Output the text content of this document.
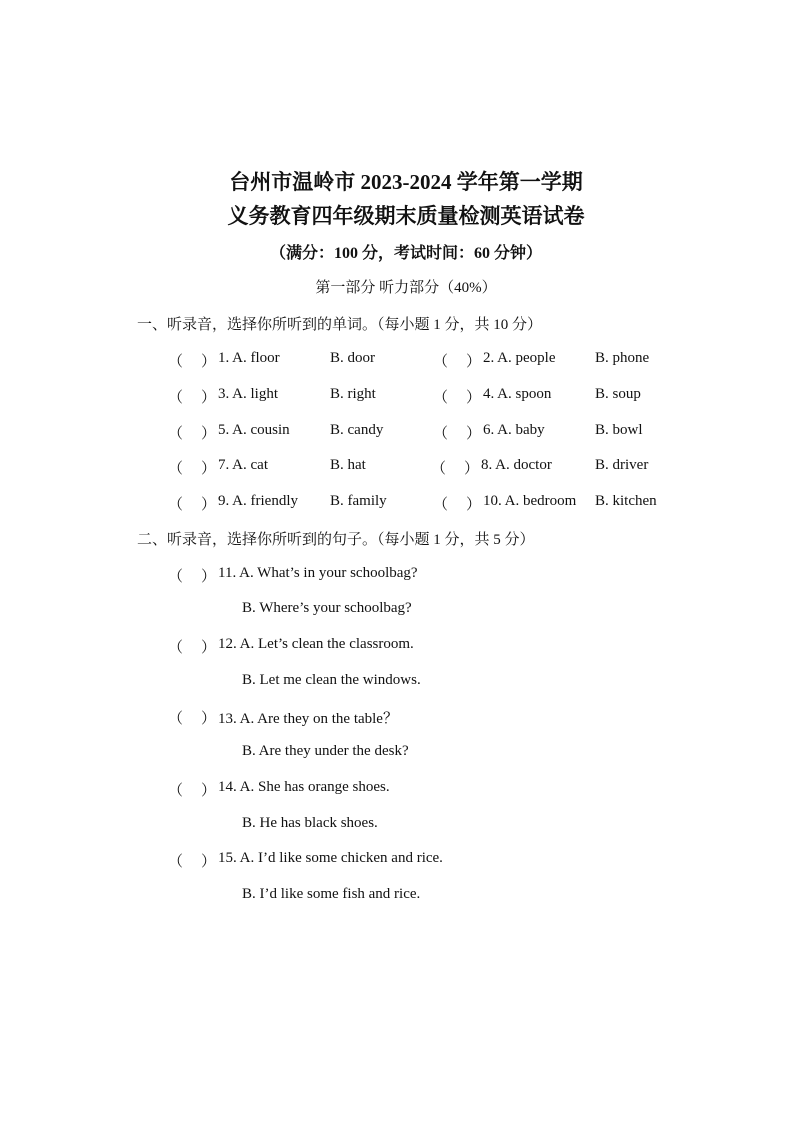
台州市温岭市 2023-2024 学年第一学期
义务教育四年级期末质量检测英语试卷
（满分：100 分，考试时间：60 分钟）
第一部分 听力部分（40%）
一、听录音，选择你所听到的单词。（每小题 1 分，共 10 分）
（ ） 1. A. floor	B. door	（ ） 2. A. people	B. phone
（ ） 3. A. light	B. right	（ ） 4. A. spoon	B. soup
（ ） 5. A. cousin	B. candy	（ ） 6. A. baby	B. bowl
（ ） 7. A. cat	B. hat	（ ） 8. A. doctor	B. driver
（ ） 9. A. friendly B. family	（ ） 10. A. bedroom B. kitchen
二、听录音，选择你所听到的句子。（每小题 1 分，共 5 分）
（ ） 11. A. What’s in your schoolbag?
B. Where’s your schoolbag?
（ ） 12. A. Let’s clean the classroom.
B. Let me clean the windows.
（ ） 13. A. Are they on the table？
B. Are they under the desk?
（ ） 14. A. She has orange shoes.
B. He has black shoes.
（ ） 15. A. I’d like some chicken and rice.
B. I’d like some fish and rice.
